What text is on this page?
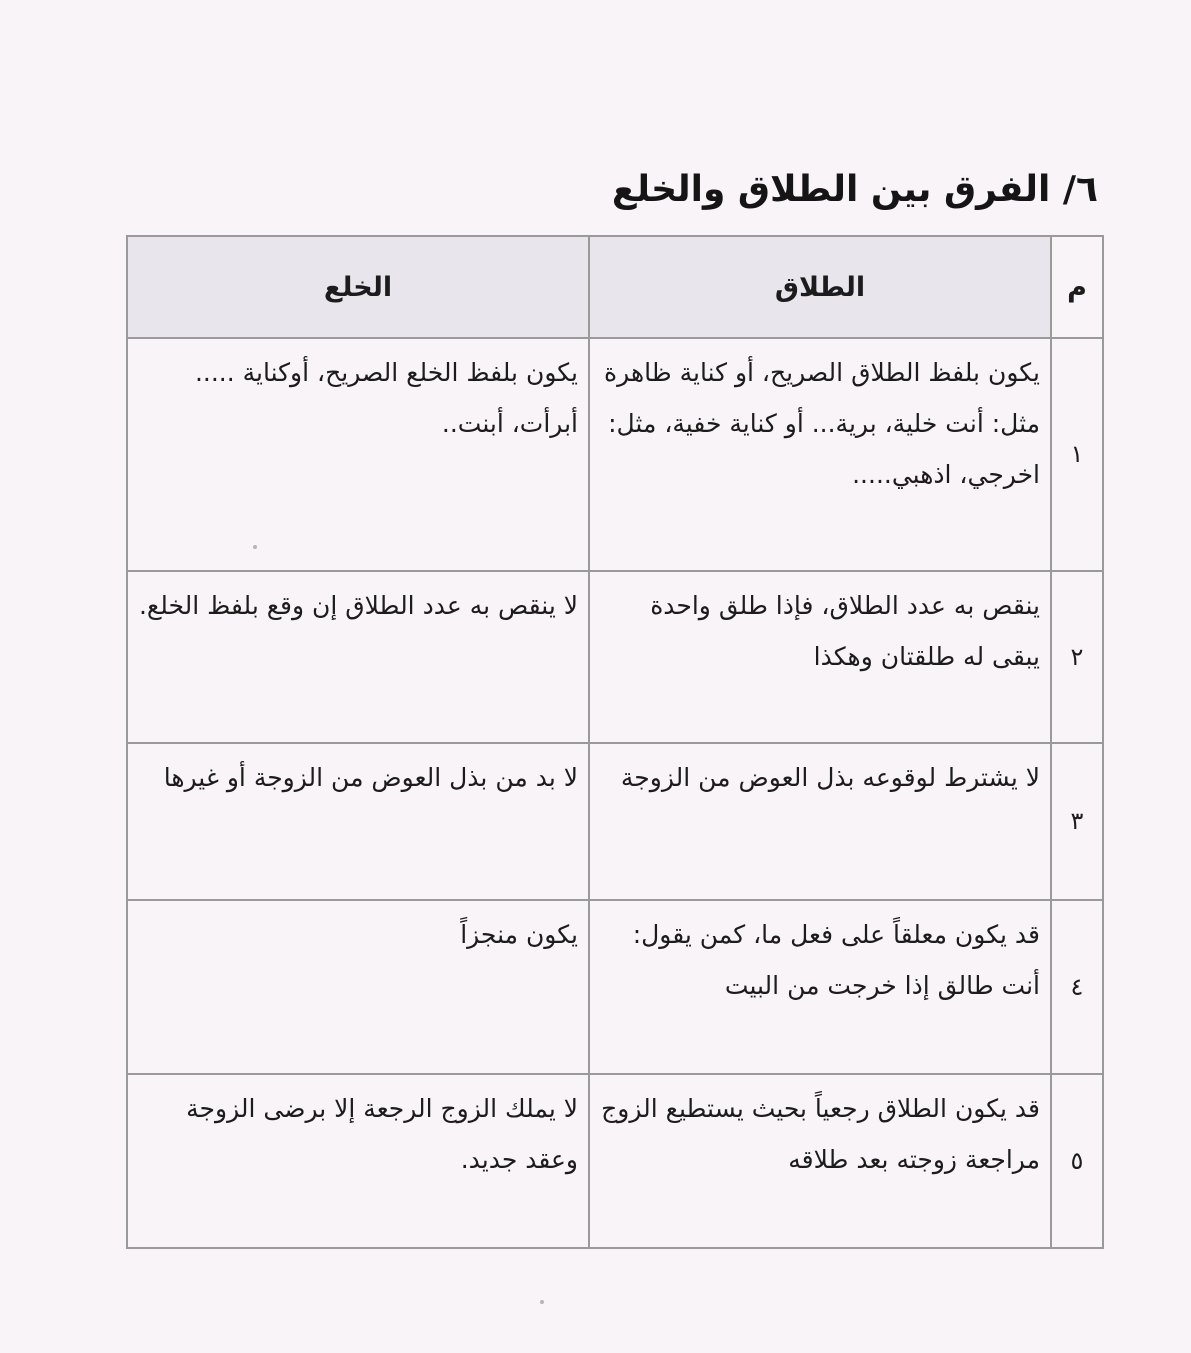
٦/ الفرق بين الطلاق والخلع
م	الطلاق	الخلع
١	يكون بلفظ الطلاق الصريح، أو كناية ظاهرة مثل: أنت خلية، برية... أو كناية خفية، مثل: اخرجي، اذهبي.....	يكون بلفظ الخلع الصريح، أوكناية ..... أبرأت، أبنت..
٢	ينقص به عدد الطلاق، فإذا طلق واحدة يبقى له طلقتان وهكذا	لا ينقص به عدد الطلاق إن وقع بلفظ الخلع.
٣	لا يشترط لوقوعه بذل العوض من الزوجة	لا بد من بذل العوض من الزوجة أو غيرها
٤	قد يكون معلقاً على فعل ما، كمن يقول: أنت طالق إذا خرجت من البيت	يكون منجزاً
٥	قد يكون الطلاق رجعياً بحيث يستطيع الزوج مراجعة زوجته بعد طلاقه	لا يملك الزوج الرجعة إلا برضى الزوجة وعقد جديد.
